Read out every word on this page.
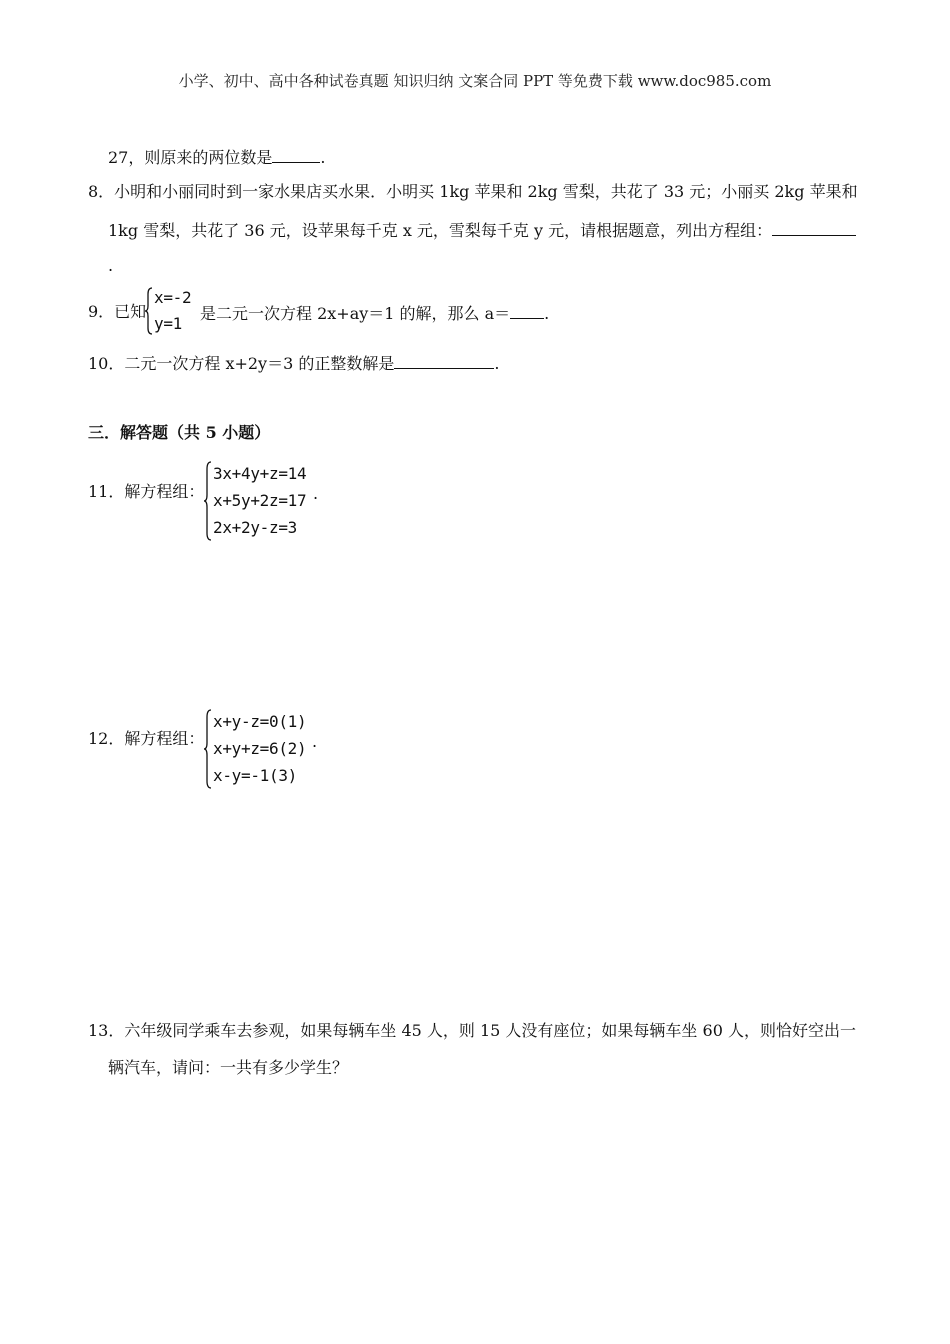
小学、初中、高中各种试卷真题 知识归纳 文案合同 PPT 等免费下载 www.doc985.com
27，则原来的两位数是	.
8．小明和小丽同时到一家水果店买水果．小明买 1kg 苹果和 2kg 雪梨，共花了 33 元；小丽买 2kg 苹果和
1kg 雪梨，共花了 36 元，设苹果每千克 x 元，雪梨每千克 y 元，请根据题意，列出方程组：
.
9．已知
x=-2
y=1
是二元一次方程 2x+ay＝1 的解，那么 a＝ .
10．二元一次方程 x+2y＝3 的正整数解是	.
三．解答题（共 5 小题）
11．解方程组：
3x+4y+z=14
x+5y+2z=17
2x+2y-z=3
.
12．解方程组：
x+y-z=0(1)
x+y+z=6(2)
x-y=-1(3)
.
13．六年级同学乘车去参观，如果每辆车坐 45 人，则 15 人没有座位；如果每辆车坐 60 人，则恰好空出一
辆汽车，请问：一共有多少学生？
